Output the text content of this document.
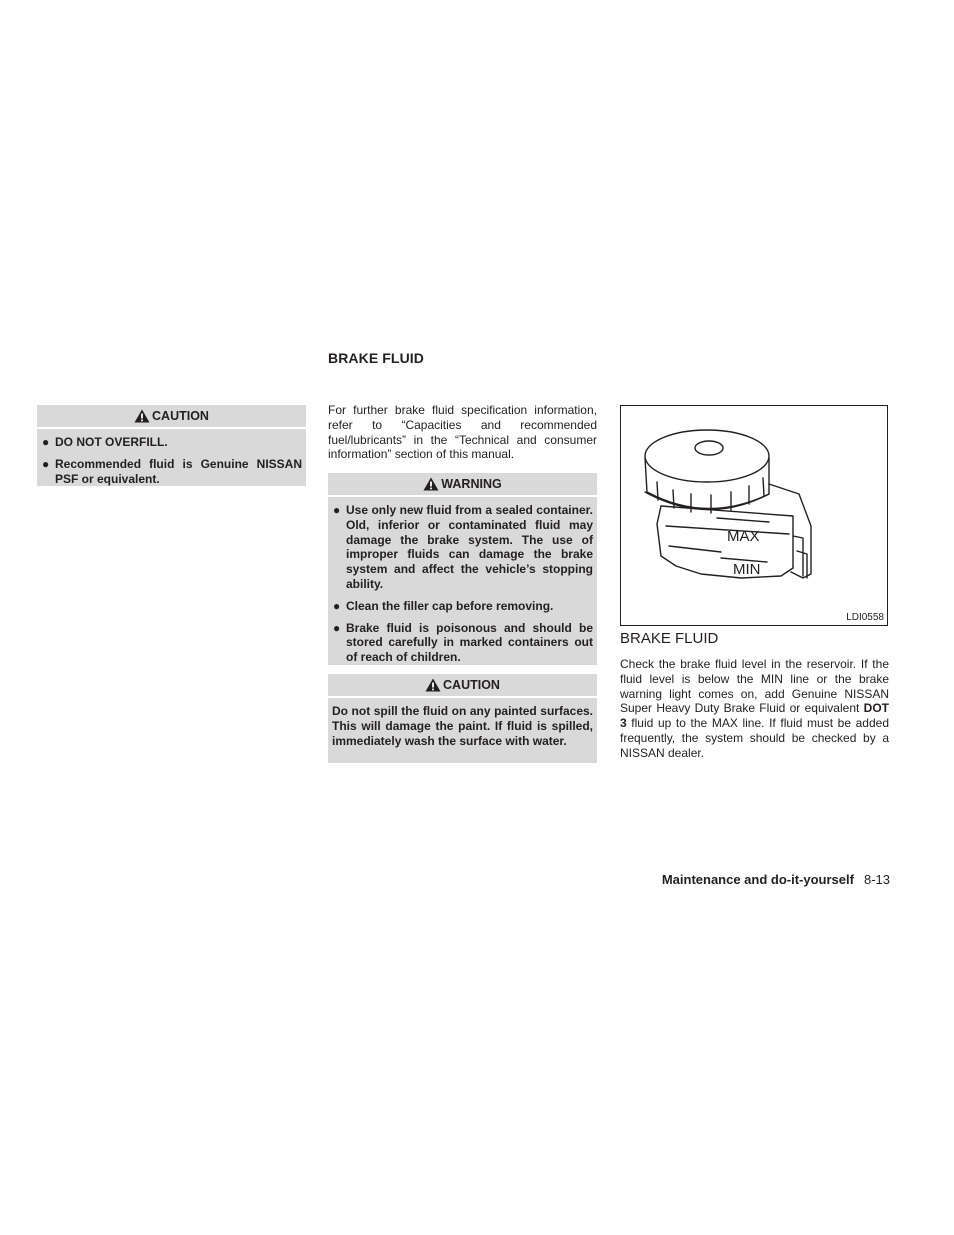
BRAKE FLUID
CAUTION
● DO NOT OVERFILL.
● Recommended fluid is Genuine NISSAN PSF or equivalent.
For further brake fluid specification information, refer to “Capacities and recommended fuel/lubricants” in the “Technical and consumer information” section of this manual.
WARNING
● Use only new fluid from a sealed container. Old, inferior or contaminated fluid may damage the brake system. The use of improper fluids can damage the brake system and affect the vehicle’s stopping ability.
● Clean the filler cap before removing.
● Brake fluid is poisonous and should be stored carefully in marked containers out of reach of children.
CAUTION
Do not spill the fluid on any painted surfaces. This will damage the paint. If fluid is spilled, immediately wash the surface with water.
MAX
MIN
LDI0558
BRAKE FLUID
Check the brake fluid level in the reservoir. If the fluid level is below the MIN line or the brake warning light comes on, add Genuine NISSAN Super Heavy Duty Brake Fluid or equivalent DOT 3 fluid up to the MAX line. If fluid must be added frequently, the system should be checked by a NISSAN dealer.
Maintenance and do-it-yourself 8-13
